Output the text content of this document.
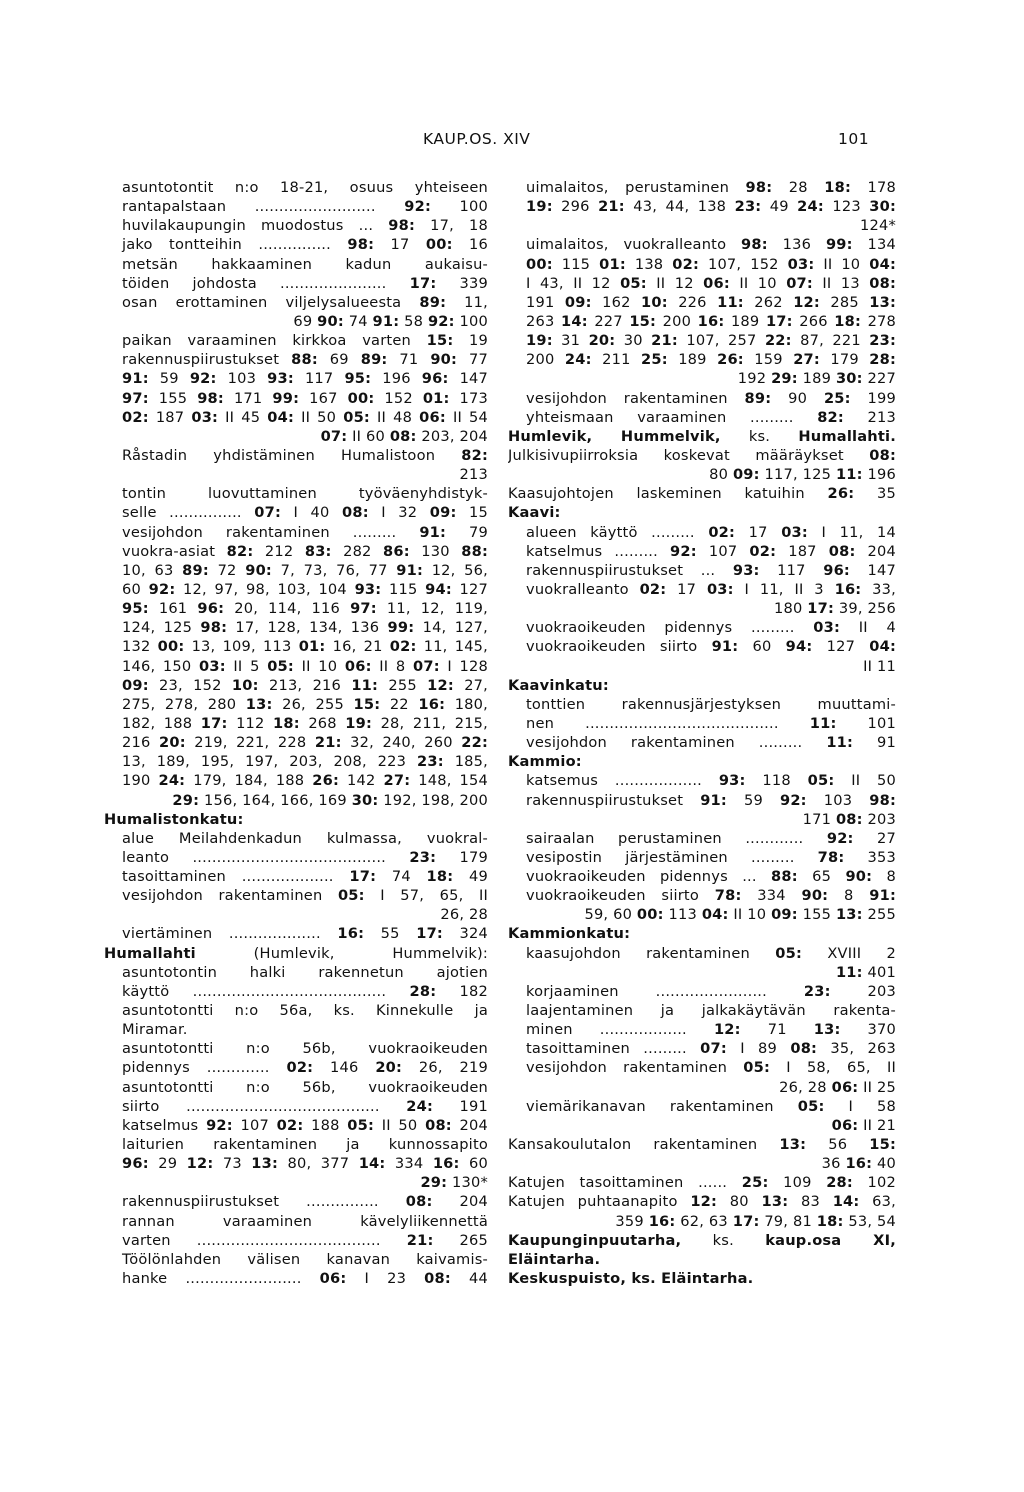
KAUP.OS. XIV	101
asuntotontit n:o 18-21, osuus yhteiseen
rantapalstaan ......................... 92: 100
huvilakaupungin muodostus ... 98: 17, 18
jako tontteihin ............... 98: 17 00: 16
metsän hakkaaminen kadun aukaisu-
töiden johdosta ...................... 17: 339
osan erottaminen viljelysalueesta 89: 11,
69 90: 74 91: 58 92: 100
paikan varaaminen kirkkoa varten 15: 19
rakennuspiirustukset 88: 69 89: 71 90: 77
91: 59 92: 103 93: 117 95: 196 96: 147
97: 155 98: 171 99: 167 00: 152 01: 173
02: 187 03: II 45 04: II 50 05: II 48 06: II 54
07: II 60 08: 203, 204
Råstadin yhdistäminen Humalistoon 82:
213
tontin luovuttaminen työväenyhdistyk-
selle ............... 07: I 40 08: I 32 09: 15
vesijohdon rakentaminen ......... 91: 79
vuokra-asiat 82: 212 83: 282 86: 130 88:
10, 63 89: 72 90: 7, 73, 76, 77 91: 12, 56,
60 92: 12, 97, 98, 103, 104 93: 115 94: 127
95: 161 96: 20, 114, 116 97: 11, 12, 119,
124, 125 98: 17, 128, 134, 136 99: 14, 127,
132 00: 13, 109, 113 01: 16, 21 02: 11, 145,
146, 150 03: II 5 05: II 10 06: II 8 07: I 128
09: 23, 152 10: 213, 216 11: 255 12: 27,
275, 278, 280 13: 26, 255 15: 22 16: 180,
182, 188 17: 112 18: 268 19: 28, 211, 215,
216 20: 219, 221, 228 21: 32, 240, 260 22:
13, 189, 195, 197, 203, 208, 223 23: 185,
190 24: 179, 184, 188 26: 142 27: 148, 154
29: 156, 164, 166, 169 30: 192, 198, 200
Humalistonkatu:
alue Meilahdenkadun kulmassa, vuokral-
leanto ........................................ 23: 179
tasoittaminen ................... 17: 74 18: 49
vesijohdon rakentaminen 05: I 57, 65, II
26, 28
viertäminen ................... 16: 55 17: 324
Humallahti (Humlevik, Hummelvik):
asuntotontin halki rakennetun ajotien
käyttö ........................................ 28: 182
asuntotontti n:o 56a, ks. Kinnekulle ja
Miramar.
asuntotontti n:o 56b, vuokraoikeuden
pidennys ............. 02: 146 20: 26, 219
asuntotontti n:o 56b, vuokraoikeuden
siirto ........................................ 24: 191
katselmus 92: 107 02: 188 05: II 50 08: 204
laiturien rakentaminen ja kunnossapito
96: 29 12: 73 13: 80, 377 14: 334 16: 60
29: 130*
rakennuspiirustukset ............... 08: 204
rannan varaaminen kävelyliikennettä
varten ...................................... 21: 265
Töölönlahden välisen kanavan kaivamis-
hanke ........................ 06: I 23 08: 44
uimalaitos, perustaminen 98: 28 18: 178
19: 296 21: 43, 44, 138 23: 49 24: 123 30:
124*
uimalaitos, vuokralleanto 98: 136 99: 134
00: 115 01: 138 02: 107, 152 03: II 10 04:
I 43, II 12 05: II 12 06: II 10 07: II 13 08:
191 09: 162 10: 226 11: 262 12: 285 13:
263 14: 227 15: 200 16: 189 17: 266 18: 278
19: 31 20: 30 21: 107, 257 22: 87, 221 23:
200 24: 211 25: 189 26: 159 27: 179 28:
192 29: 189 30: 227
vesijohdon rakentaminen 89: 90 25: 199
yhteismaan varaaminen ......... 82: 213
Humlevik, Hummelvik, ks. Humallahti.
Julkisivupiirroksia koskevat määräykset 08:
80 09: 117, 125 11: 196
Kaasujohtojen laskeminen katuihin 26: 35
Kaavi:
alueen käyttö ......... 02: 17 03: I 11, 14
katselmus ......... 92: 107 02: 187 08: 204
rakennuspiirustukset ... 93: 117 96: 147
vuokralleanto 02: 17 03: I 11, II 3 16: 33,
180 17: 39, 256
vuokraoikeuden pidennys ......... 03: II 4
vuokraoikeuden siirto 91: 60 94: 127 04:
II 11
Kaavinkatu:
tonttien rakennusjärjestyksen muuttami-
nen ........................................ 11: 101
vesijohdon rakentaminen ......... 11: 91
Kammio:
katsemus .................. 93: 118 05: II 50
rakennuspiirustukset 91: 59 92: 103 98:
171 08: 203
sairaalan perustaminen ............ 92: 27
vesipostin järjestäminen ......... 78: 353
vuokraoikeuden pidennys ... 88: 65 90: 8
vuokraoikeuden siirto 78: 334 90: 8 91:
59, 60 00: 113 04: II 10 09: 155 13: 255
Kammionkatu:
kaasujohdon rakentaminen 05: XVIII 2
11: 401
korjaaminen ....................... 23: 203
laajentaminen ja jalkakäytävän rakenta-
minen .................. 12: 71 13: 370
tasoittaminen ......... 07: I 89 08: 35, 263
vesijohdon rakentaminen 05: I 58, 65, II
26, 28 06: II 25
viemärikanavan rakentaminen 05: I 58
06: II 21
Kansakoulutalon rakentaminen 13: 56 15:
36 16: 40
Katujen tasoittaminen ...... 25: 109 28: 102
Katujen puhtaanapito 12: 80 13: 83 14: 63,
359 16: 62, 63 17: 79, 81 18: 53, 54
Kaupunginpuutarha, ks. kaup.osa XI,
Eläintarha.
Keskuspuisto, ks. Eläintarha.
